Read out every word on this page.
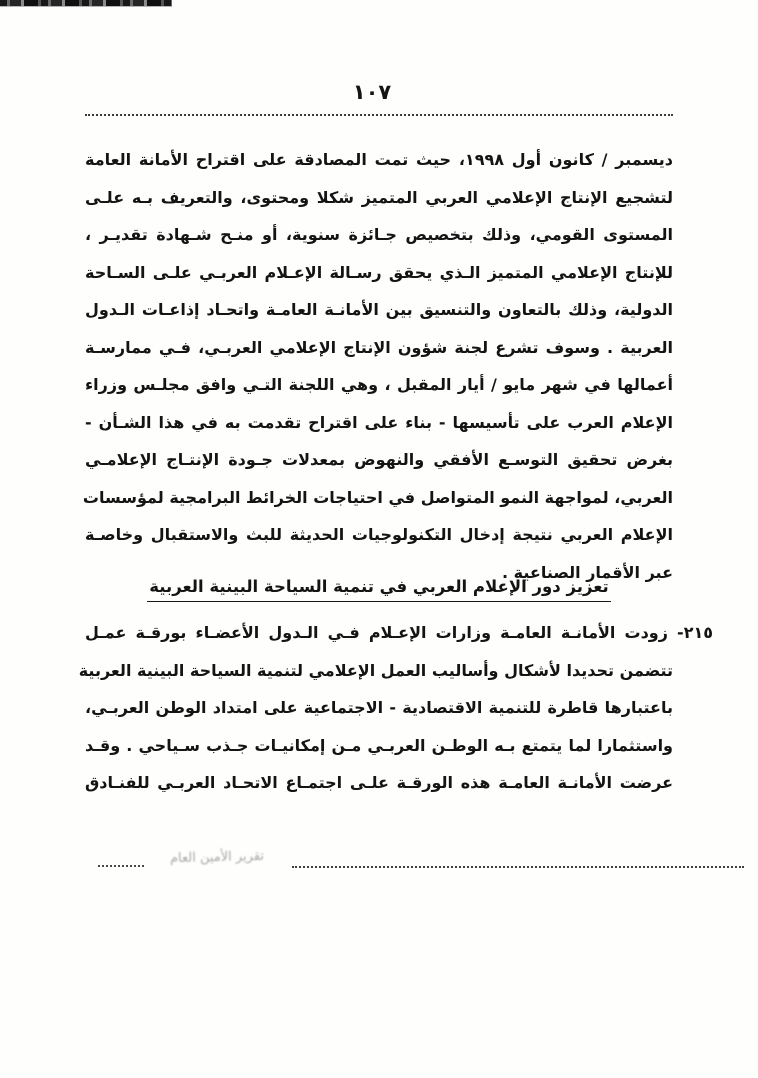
١٠٧
ديسمبر / كانون أول ١٩٩٨، حيث تمت المصادقة على اقتراح الأمانة العامة
لتشجيع الإنتاج الإعلامي العربي المتميز شكلا ومحتوى، والتعريف بـه علـى
المستوى القومي، وذلك بتخصيص جـائزة سنوية، أو منـح شـهادة تقديـر ،
للإنتاج الإعلامي المتميز الـذي يحقق رسـالة الإعـلام العربـي علـى السـاحة
الدولية، وذلك بالتعاون والتنسيق بين الأمانـة العامـة واتحـاد إذاعـات الـدول
العربية . وسوف تشرع لجنة شؤون الإنتاج الإعلامي العربـي، فـي ممارسـة
أعمالها في شهر مايو / أيار المقبل ، وهي اللجنة التـي وافق مجلـس وزراء
الإعلام العرب على تأسيسها - بناء على اقتراح تقدمت به في هذا الشـأن -
بغرض تحقيق التوسـع الأفقي والنهوض بمعدلات جـودة الإنتـاج الإعلامـي
العربي، لمواجهة النمو المتواصل في احتياجات الخرائط البرامجية لمؤسسات
الإعلام العربي نتيجة إدخال التكنولوجيات الحديثة للبث والاستقبال وخاصـة
عبر الأقمار الصناعية .
تعزيز دور الإعلام العربي في تنمية السياحة البينية العربية
٢١٥- زودت الأمانـة العامـة وزارات الإعـلام فـي الـدول الأعضـاء بورقـة عمـل
تتضمن تحديدا لأشكال وأساليب العمل الإعلامي لتنمية السياحة البينية العربية
باعتبارها قاطرة للتنمية الاقتصادية - الاجتماعية على امتداد الوطن العربـي،
واستثمارا لما يتمتع بـه الوطـن العربـي مـن إمكانيـات جـذب سـياحي . وقـد
عرضت الأمانـة العامـة هذه الورقـة علـى اجتمـاع الاتحـاد العربـي للفنـادق
تقرير الأمين العام
